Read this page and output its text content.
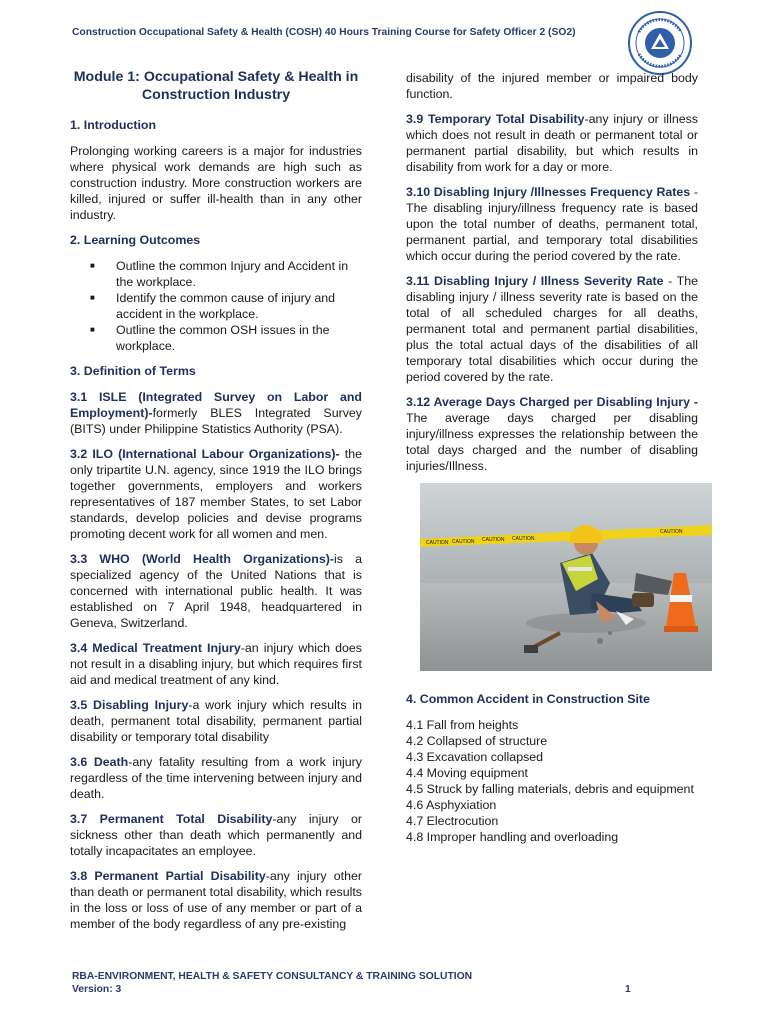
Construction Occupational Safety & Health (COSH) 40 Hours Training Course for Safety Officer 2 (SO2)
Module 1: Occupational Safety & Health in Construction Industry
1. Introduction

Prolonging working careers is a major for industries where physical work demands are high such as construction industry. More construction workers are killed, injured or suffer ill-health than in any other industry.

2. Learning Outcomes
■ Outline the common Injury and Accident in the workplace.
■ Identify the common cause of injury and accident in the workplace.
■ Outline the common OSH issues in the workplace.
3. Definition of Terms

3.1 ISLE (Integrated Survey on Labor and Employment)-formerly BLES Integrated Survey (BITS) under Philippine Statistics Authority (PSA).

3.2 ILO (International Labour Organizations)- the only tripartite U.N. agency, since 1919 the ILO brings together governments, employers and workers representatives of 187 member States, to set Labor standards, develop policies and devise programs promoting decent work for all women and men.

3.3 WHO (World Health Organizations)-is a specialized agency of the United Nations that is concerned with international public health. It was established on 7 April 1948, headquartered in Geneva, Switzerland.

3.4 Medical Treatment Injury-an injury which does not result in a disabling injury, but which requires first aid and medical treatment of any kind.

3.5 Disabling Injury-a work injury which results in death, permanent total disability, permanent partial disability or temporary total disability

3.6 Death-any fatality resulting from a work injury regardless of the time intervening between injury and death.

3.7 Permanent Total Disability-any injury or sickness other than death which permanently and totally incapacitates an employee.

3.8 Permanent Partial Disability-any injury other than death or permanent total disability, which results in the loss or loss of use of any member or part of a member of the body regardless of any pre-existing

disability of the injured member or impaired body function.

3.9 Temporary Total Disability-any injury or illness which does not result in death or permanent total or permanent partial disability, but which results in disability from work for a day or more.

3.10 Disabling Injury /Illnesses Frequency Rates - The disabling injury/illness frequency rate is based upon the total number of deaths, permanent total, permanent partial, and temporary total disabilities which occur during the period covered by the rate.

3.11 Disabling Injury / Illness Severity Rate - The disabling injury / illness severity rate is based on the total of all scheduled charges for all deaths, permanent total and permanent partial disabilities, plus the total actual days of the disabilities of all temporary total disabilities which occur during the period covered by the rate.

3.12 Average Days Charged per Disabling Injury - The average days charged per disabling injury/illness expresses the relationship between the total days charged and the number of disabling injuries/Illness.

CAUTION CAUTION CAUTION CAUTION
CAUTION
4. Common Accident in Construction Site
4.1 Fall from heights
4.2 Collapsed of structure
4.3 Excavation collapsed
4.4 Moving equipment
4.5 Struck by falling materials, debris and equipment
4.6 Asphyxiation
4.7 Electrocution
4.8 Improper handling and overloading
RBA-ENVIRONMENT, HEALTH & SAFETY CONSULTANCY & TRAINING SOLUTION
Version: 3	1
